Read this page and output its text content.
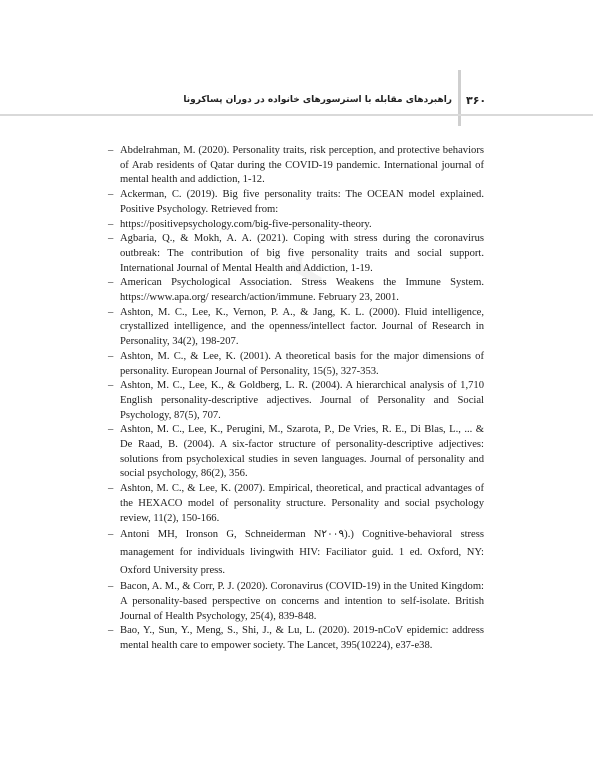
۳۶۰
راهبردهای مقابله با استرسورهای خانواده در دوران پساکرونا
r
– Abdelrahman, M. (2020). Personality traits, risk perception, and protective behaviors of Arab residents of Qatar during the COVID-19 pandemic. International journal of mental health and addiction, 1-12.
– Ackerman, C. (2019). Big five personality traits: The OCEAN model explained. Positive Psychology. Retrieved from:
– https://positivepsychology.com/big-five-personality-theory.
– Agbaria, Q., & Mokh, A. A. (2021). Coping with stress during the coronavirus outbreak: The contribution of big five personality traits and social support. International Journal of Mental Health and Addiction, 1-19.
– American Psychological Association. Stress Weakens the Immune System. https://www.apa.org/ research/action/immune. February 23, 2001.
– Ashton, M. C., Lee, K., Vernon, P. A., & Jang, K. L. (2000). Fluid intelligence, crystallized intelligence, and the openness/intellect factor. Journal of Research in Personality, 34(2), 198-207.
– Ashton, M. C., & Lee, K. (2001). A theoretical basis for the major dimensions of personality. European Journal of Personality, 15(5), 327-353.
– Ashton, M. C., Lee, K., & Goldberg, L. R. (2004). A hierarchical analysis of 1,710 English personality-descriptive adjectives. Journal of Personality and Social Psychology, 87(5), 707.
– Ashton, M. C., Lee, K., Perugini, M., Szarota, P., De Vries, R. E., Di Blas, L., ... & De Raad, B. (2004). A six-factor structure of personality-descriptive adjectives: solutions from psycholexical studies in seven languages. Journal of personality and social psychology, 86(2), 356.
– Ashton, M. C., & Lee, K. (2007). Empirical, theoretical, and practical advantages of the HEXACO model of personality structure. Personality and social psychology review, 11(2), 150-166.
– Antoni MH, Ironson G, Schneiderman N۲۰۰۹).) Cognitive-behavioral stress management for individuals livingwith HIV: Faciliator guid. 1 ed. Oxford, NY: Oxford University press.
– Bacon, A. M., & Corr, P. J. (2020). Coronavirus (COVID-19) in the United Kingdom: A personality-based perspective on concerns and intention to self-isolate. British Journal of Health Psychology, 25(4), 839-848.
– Bao, Y., Sun, Y., Meng, S., Shi, J., & Lu, L. (2020). 2019-nCoV epidemic: address mental health care to empower society. The Lancet, 395(10224), e37-e38.
